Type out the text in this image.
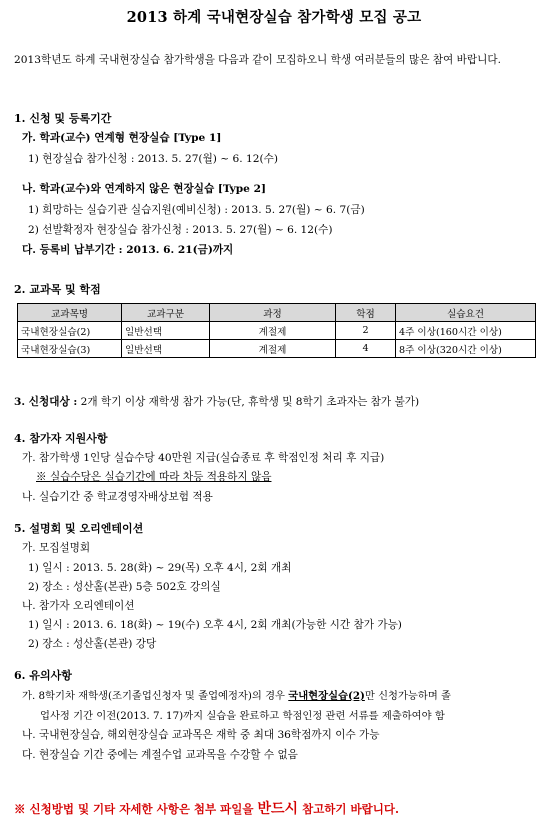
2013 하계 국내현장실습 참가학생 모집 공고
2013학년도 하계 국내현장실습 참가학생을 다음과 같이 모집하오니 학생 여러분들의 많은 참여 바랍니다.
1. 신청 및 등록기간
가. 학과(교수) 연계형 현장실습 [Type 1]
1) 현장실습 참가신청 : 2013. 5. 27(월) ~ 6. 12(수)
나. 학과(교수)와 연계하지 않은 현장실습 [Type 2]
1) 희망하는 실습기관 실습지원(예비신청) : 2013. 5. 27(월) ~ 6. 7(금)
2) 선발확정자 현장실습 참가신청 : 2013. 5. 27(월) ~ 6. 12(수)
다. 등록비 납부기간 : 2013. 6. 21(금)까지
2. 교과목 및 학점
교과목명	교과구분	과정	학점	실습요건
국내현장실습(2)	일반선택	계절제	2	4주 이상(160시간 이상)
국내현장실습(3)	일반선택	계절제	4	8주 이상(320시간 이상)
3. 신청대상 : 2개 학기 이상 재학생 참가 가능(단, 휴학생 및 8학기 초과자는 참가 불가)
4. 참가자 지원사항
가. 참가학생 1인당 실습수당 40만원 지급(실습종료 후 학점인정 처리 후 지급)
※ 실습수당은 실습기간에 따라 차등 적용하지 않음
나. 실습기간 중 학교경영자배상보험 적용
5. 설명회 및 오리엔테이션
가. 모집설명회
1) 일시 : 2013. 5. 28(화) ~ 29(목) 오후 4시, 2회 개최
2) 장소 : 성산홀(본관) 5층 502호 강의실
나. 참가자 오리엔테이션
1) 일시 : 2013. 6. 18(화) ~ 19(수) 오후 4시, 2회 개최(가능한 시간 참가 가능)
2) 장소 : 성산홀(본관) 강당
6. 유의사항
가. 8학기차 재학생(조기졸업신청자 및 졸업예정자)의 경우 국내현장실습(2)만 신청가능하며 졸
업사정 기간 이전(2013. 7. 17)까지 실습을 완료하고 학점인정 관련 서류를 제출하여야 함
나. 국내현장실습, 해외현장실습 교과목은 재학 중 최대 36학점까지 이수 가능
다. 현장실습 기간 중에는 계절수업 교과목을 수강할 수 없음
※ 신청방법 및 기타 자세한 사항은 첨부 파일을 반드시 참고하기 바랍니다.
